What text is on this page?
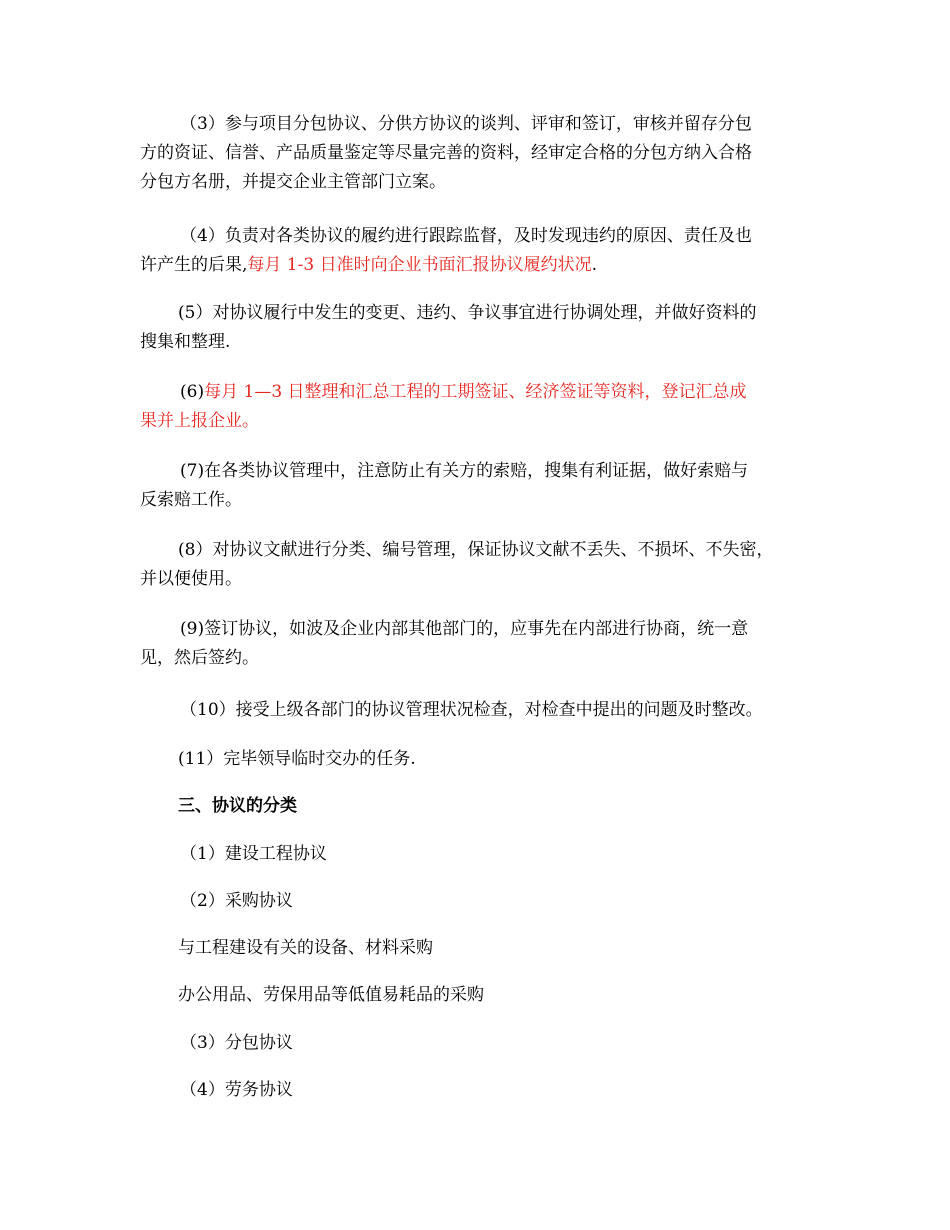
（3）参与项目分包协议、分供方协议的谈判、评审和签订，审核并留存分包
方的资证、信誉、产品质量鉴定等尽量完善的资料，经审定合格的分包方纳入合格
分包方名册，并提交企业主管部门立案。

（4）负责对各类协议的履约进行跟踪监督，及时发现违约的原因、责任及也
许产生的后果,每月 1-3 日准时向企业书面汇报协议履约状况.

(5）对协议履行中发生的变更、违约、争议事宜进行协调处理，并做好资料的
搜集和整理.

(6)每月 1—3 日整理和汇总工程的工期签证、经济签证等资料，登记汇总成
果并上报企业。

(7)在各类协议管理中，注意防止有关方的索赔，搜集有利证据，做好索赔与
反索赔工作。

(8）对协议文献进行分类、编号管理，保证协议文献不丢失、不损坏、不失密，
并以便使用。

(9)签订协议，如波及企业内部其他部门的，应事先在内部进行协商，统一意
见，然后签约。

（10）接受上级各部门的协议管理状况检查，对检查中提出的问题及时整改。

(11）完毕领导临时交办的任务.

三、协议的分类

（1）建设工程协议

（2）采购协议

与工程建设有关的设备、材料采购

办公用品、劳保用品等低值易耗品的采购

（3）分包协议

（4）劳务协议
